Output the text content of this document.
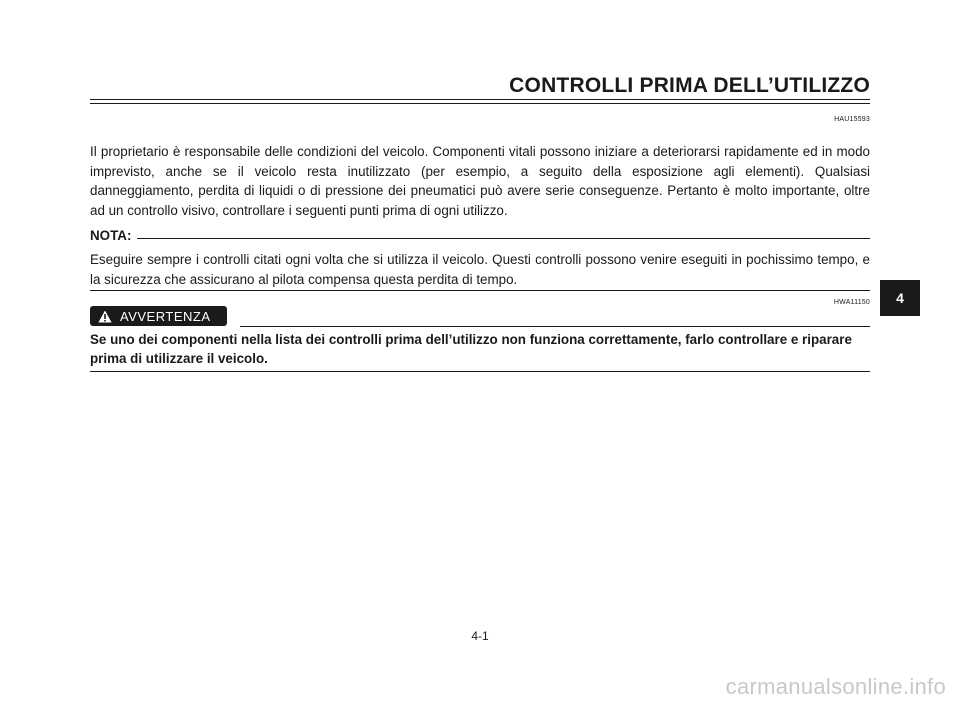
CONTROLLI PRIMA DELL’UTILIZZO
HAU15593

Il proprietario è responsabile delle condizioni del veicolo. Componenti vitali possono iniziare a deteriorarsi rapidamente ed in modo imprevisto, anche se il veicolo resta inutilizzato (per esempio, a seguito della esposizione agli elementi). Qualsiasi danneggiamento, perdita di liquidi o di pressione dei pneumatici può avere serie conseguenze. Pertanto è molto importante, oltre ad un controllo visivo, controllare i seguenti punti prima di ogni utilizzo.

NOTA:

Eseguire sempre i controlli citati ogni volta che si utilizza il veicolo. Questi controlli possono venire eseguiti in pochissimo tempo, e la sicurezza che assicurano al pilota compensa questa perdita di tempo.

HWA11150
AVVERTENZA

Se uno dei componenti nella lista dei controlli prima dell’utilizzo non funziona correttamente, farlo controllare e riparare prima di utilizzare il veicolo.

4
4-1
carmanualsonline.info
